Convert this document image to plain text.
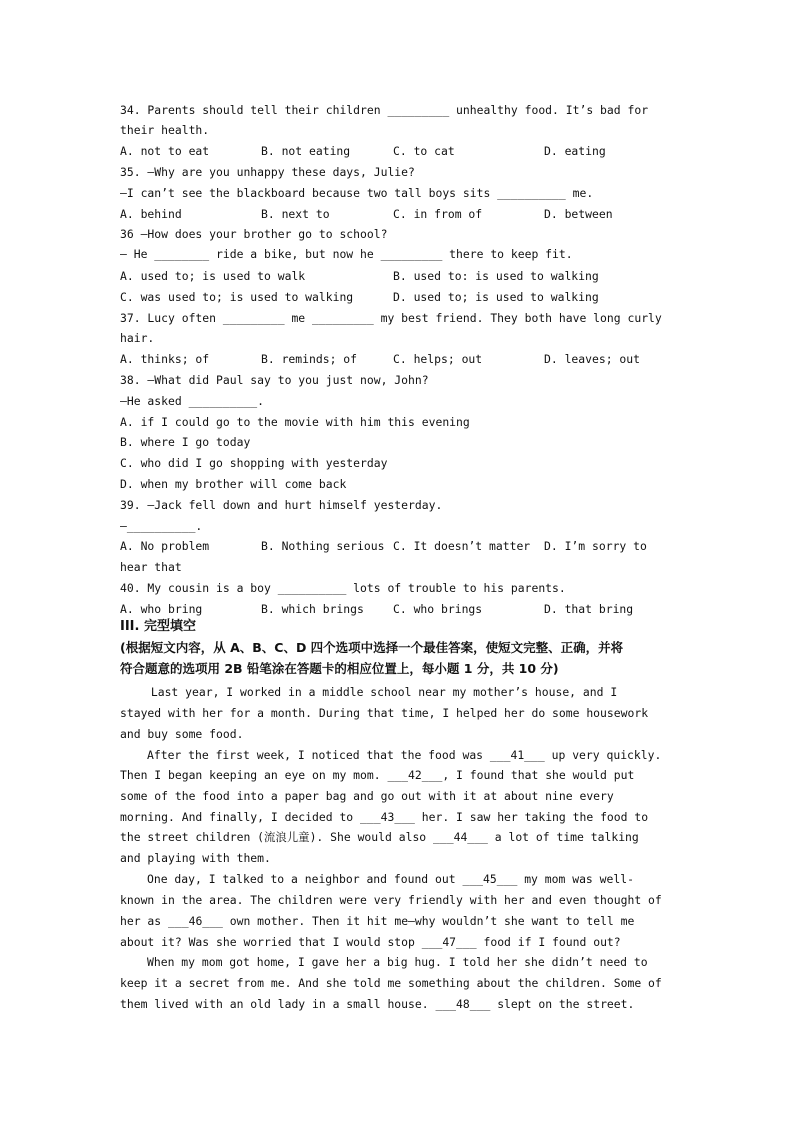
34. Parents should tell their children _________ unhealthy food. It’s bad for
their health.
A. not to eat	B. not eating	C. to cat	D. eating
35. —Why are you unhappy these days, Julie?
—I can’t see the blackboard because two tall boys sits __________ me.
A. behind	B. next to	C. in from of	D. between
36 —How does your brother go to school?
— He ________ ride a bike, but now he _________ there to keep fit.
A. used to; is used to walk	B. used to: is used to walking
C. was used to; is used to walking	D. used to; is used to walking
37. Lucy often _________ me _________ my best friend. They both have long curly
hair.
A. thinks; of	B. reminds; of	C. helps; out	D. leaves; out
38. —What did Paul say to you just now, John?
—He asked __________.
A. if I could go to the movie with him this evening
B. where I go today
C. who did I go shopping with yesterday
D. when my brother will come back
39. —Jack fell down and hurt himself yesterday.
—__________.
A. No problem	B. Nothing serious C. It doesn’t matter D. I’m sorry to
hear that
40. My cousin is a boy __________ lots of trouble to his parents.
A. who bring	B. which brings	C. who brings	D. that bring
III. 完型填空
(根据短文内容，从 A、B、C、D 四个选项中选择一个最佳答案，使短文完整、正确，并将
符合题意的选项用 2B 铅笔涂在答题卡的相应位置上，每小题 1 分，共 10 分)
Last year, I worked in a middle school near my mother’s house, and I
stayed with her for a month. During that time, I helped her do some housework
and buy some food.
After the first week, I noticed that the food was ___41___ up very quickly.
Then I began keeping an eye on my mom. ___42___, I found that she would put
some of the food into a paper bag and go out with it at about nine every
morning. And finally, I decided to ___43___ her. I saw her taking the food to
the street children (流浪儿童). She would also ___44___ a lot of time talking
and playing with them.
One day, I talked to a neighbor and found out ___45___ my mom was well-
known in the area. The children were very friendly with her and even thought of
her as ___46___ own mother. Then it hit me—why wouldn’t she want to tell me
about it? Was she worried that I would stop ___47___ food if I found out?
When my mom got home, I gave her a big hug. I told her she didn’t need to
keep it a secret from me. And she told me something about the children. Some of
them lived with an old lady in a small house. ___48___ slept on the street.
